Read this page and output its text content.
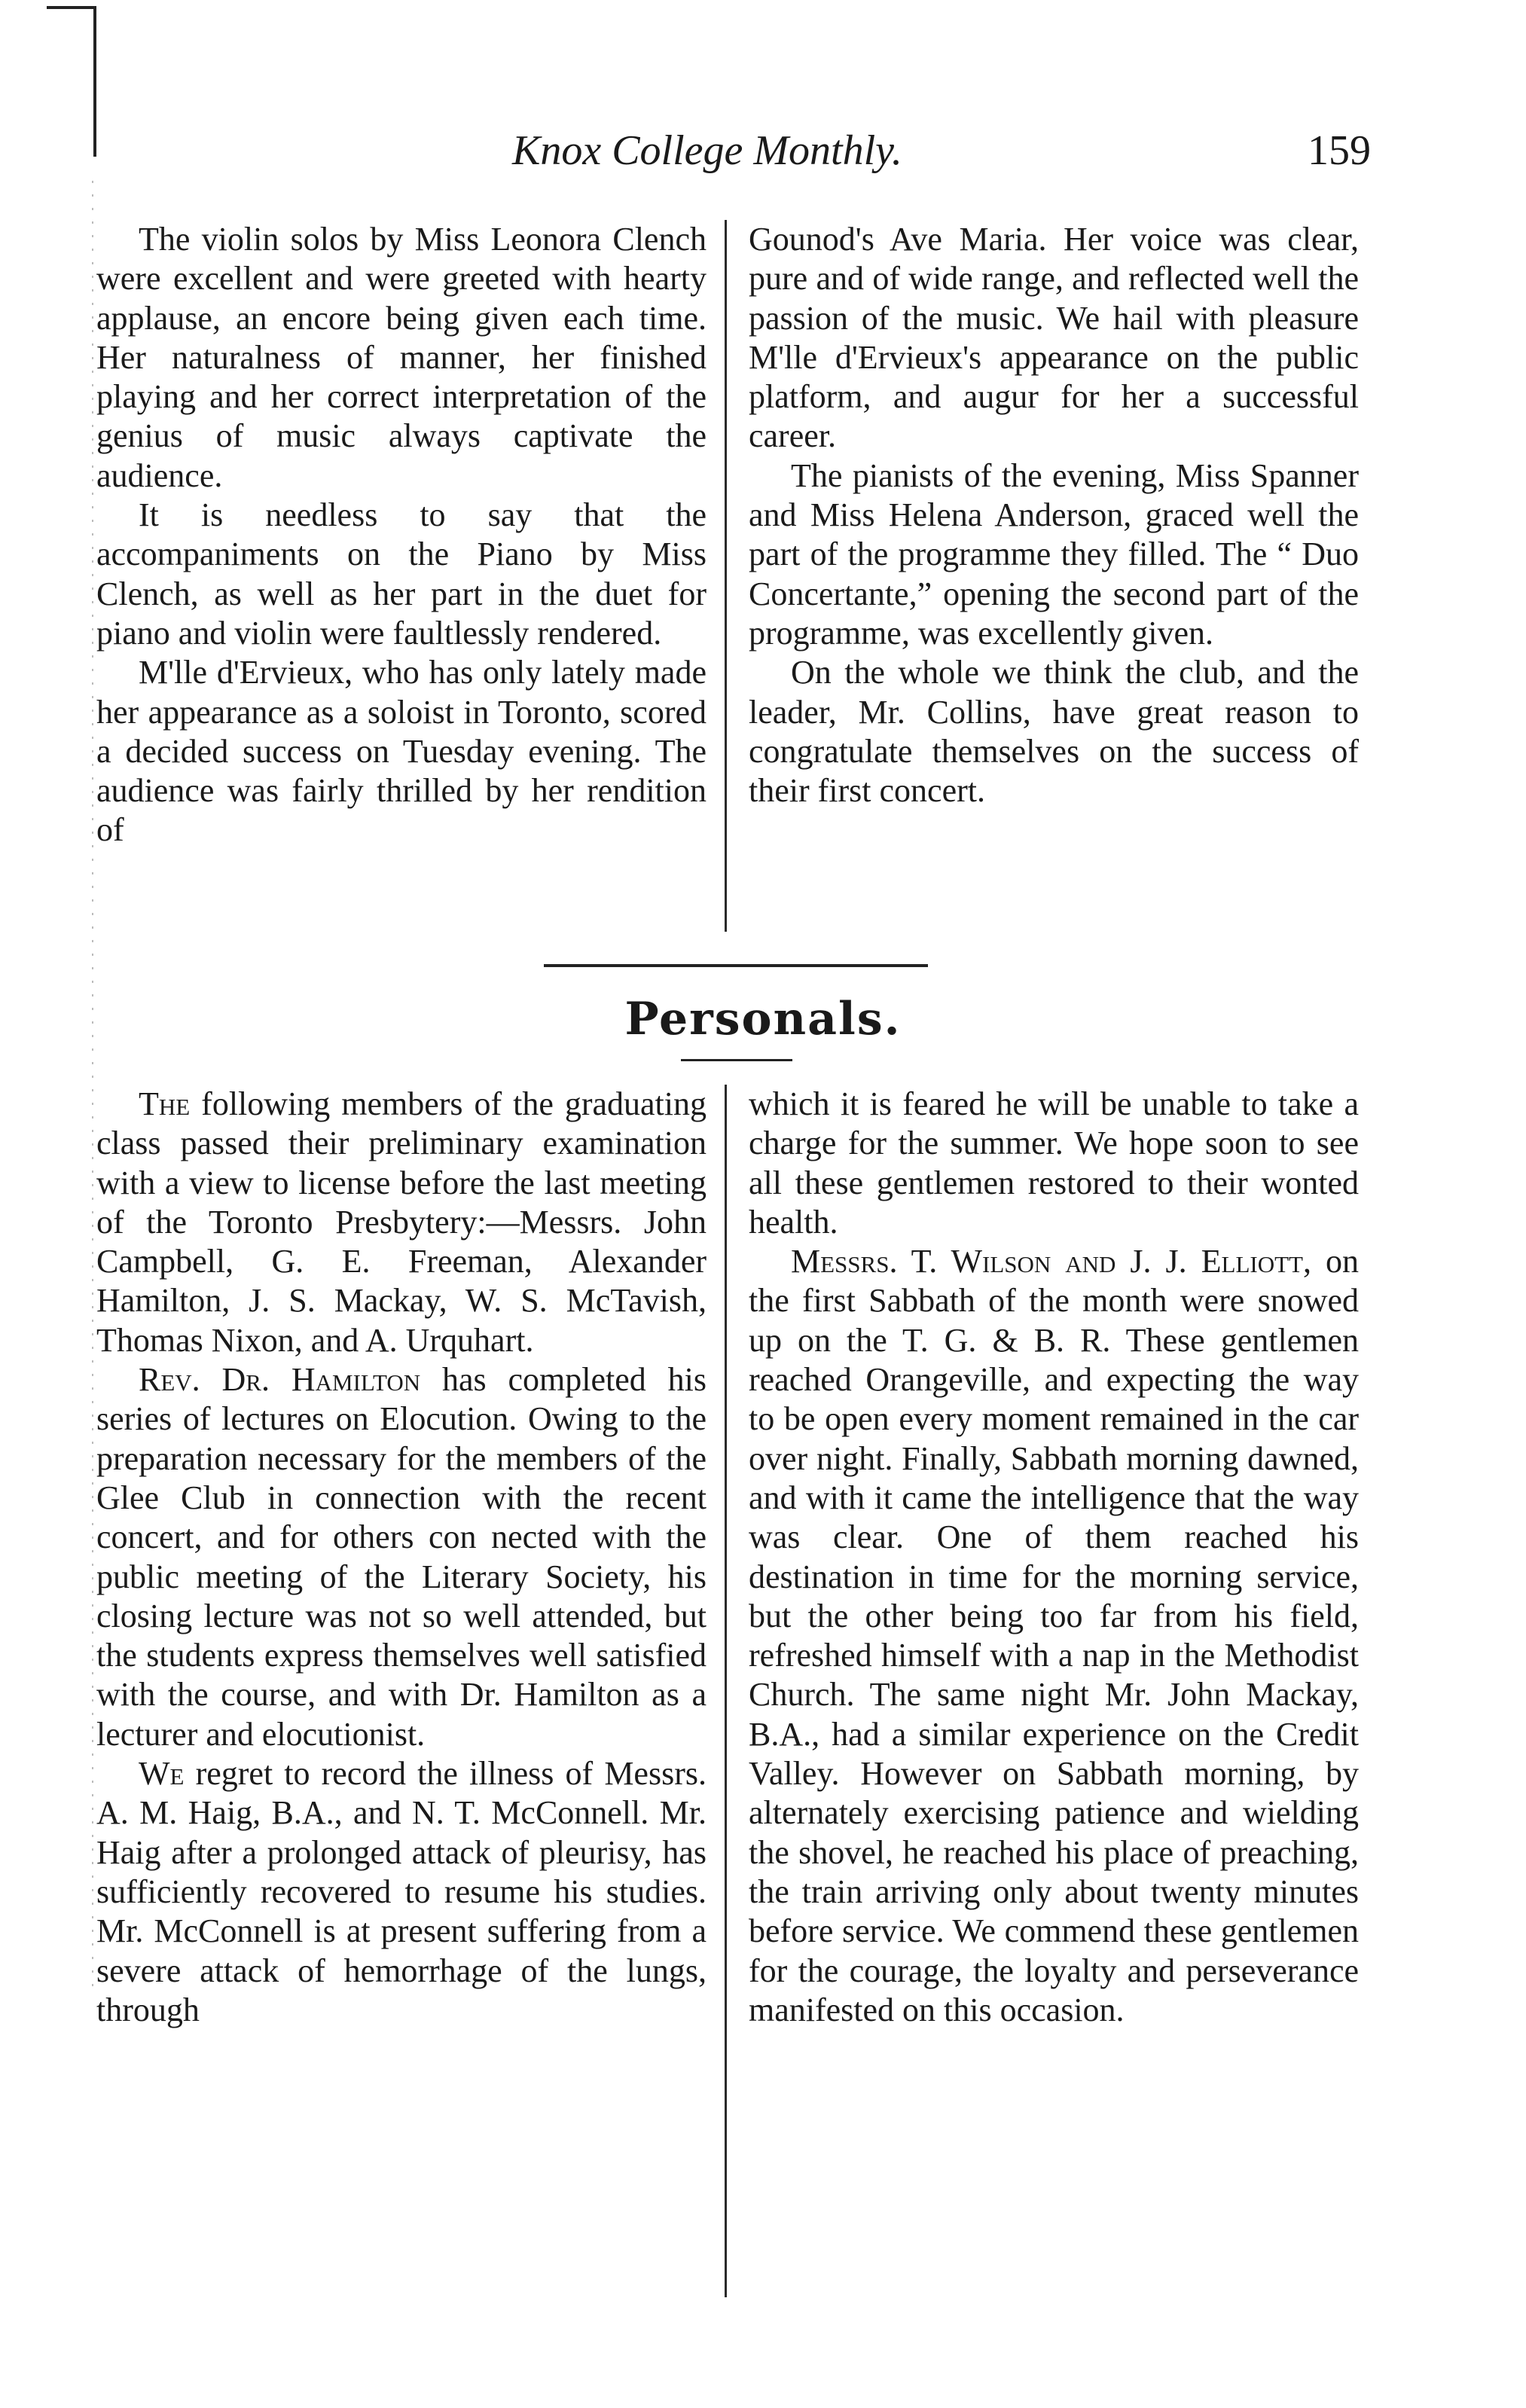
Knox College Monthly.	159

The violin solos by Miss Leonora Clench were excellent and were greeted with hearty applause, an encore being given each time. Her naturalness of manner, her finished playing and her correct interpretation of the genius of music always captivate the audience.

It is needless to say that the accompaniments on the Piano by Miss Clench, as well as her part in the duet for piano and violin were faultlessly rendered.

M'lle d'Ervieux, who has only lately made her appearance as a soloist in Toronto, scored a decided success on Tuesday evening. The audience was fairly thrilled by her rendition of

Gounod's Ave Maria. Her voice was clear, pure and of wide range, and reflected well the passion of the music. We hail with pleasure M'lle d'Ervieux's appearance on the public platform, and augur for her a successful career.

The pianists of the evening, Miss Spanner and Miss Helena Anderson, graced well the part of the programme they filled. The “ Duo Concertante,” opening the second part of the programme, was excellently given.

On the whole we think the club, and the leader, Mr. Collins, have great reason to congratulate themselves on the success of their first concert.

Personals.

The following members of the graduating class passed their preliminary examination with a view to license before the last meeting of the Toronto Presbytery:—Messrs. John Campbell, G. E. Freeman, Alexander Hamilton, J. S. Mackay, W. S. McTavish, Thomas Nixon, and A. Urquhart.

Rev. Dr. Hamilton has completed his series of lectures on Elocution. Owing to the preparation necessary for the members of the Glee Club in connection with the recent concert, and for others con nected with the public meeting of the Literary Society, his closing lecture was not so well attended, but the students express themselves well satisfied with the course, and with Dr. Hamilton as a lecturer and elocutionist.

We regret to record the illness of Messrs. A. M. Haig, B.A., and N. T. McConnell. Mr. Haig after a prolonged attack of pleurisy, has sufficiently recovered to resume his studies. Mr. McConnell is at present suffering from a severe attack of hemorrhage of the lungs, through

which it is feared he will be unable to take a charge for the summer. We hope soon to see all these gentlemen restored to their wonted health.

Messrs. T. Wilson and J. J. Elliott, on the first Sabbath of the month were snowed up on the T. G. & B. R. These gentlemen reached Orangeville, and expecting the way to be open every moment remained in the car over night. Finally, Sabbath morning dawned, and with it came the intelligence that the way was clear. One of them reached his destination in time for the morning service, but the other being too far from his field, refreshed himself with a nap in the Methodist Church. The same night Mr. John Mackay, B.A., had a similar experience on the Credit Valley. However on Sabbath morning, by alternately exercising patience and wielding the shovel, he reached his place of preaching, the train arriving only about twenty minutes before service. We commend these gentlemen for the courage, the loyalty and perseverance manifested on this occasion.
